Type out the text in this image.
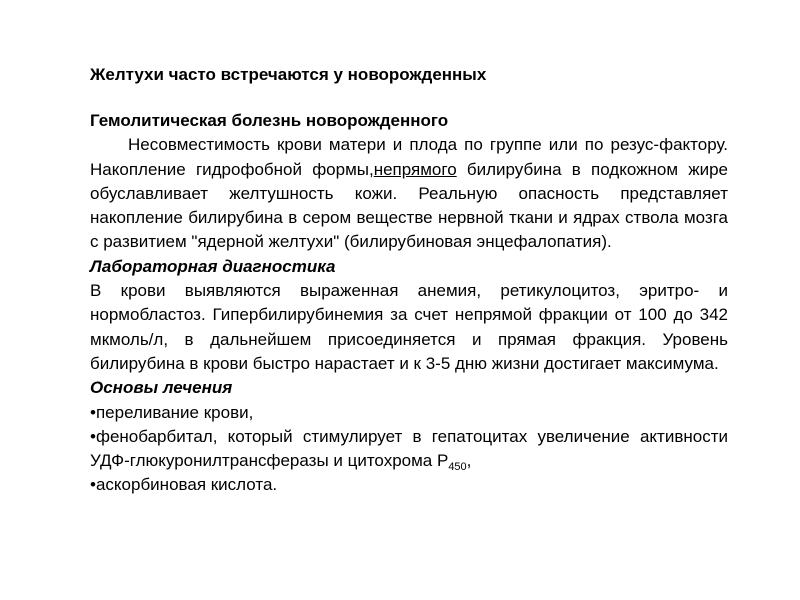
Желтухи часто встречаются у новорожденных

Гемолитическая болезнь новорожденного

Несовместимость крови матери и плода по группе или по резус-фактору. Накопление гидрофобной формы,непрямого билирубина в подкожном жире обуславливает желтушность кожи. Реальную опасность представляет накопление билирубина в сером веществе нервной ткани и ядрах ствола мозга с развитием "ядерной желтухи" (билирубиновая энцефалопатия).

Лабораторная диагностика

В крови выявляются выраженная анемия, ретикулоцитоз, эритро- и нормобластоз. Гипербилирубинемия за счет непрямой фракции от 100 до 342 мкмоль/л, в дальнейшем присоединяется и прямая фракция. Уровень билирубина в крови быстро нарастает и к 3-5 дню жизни достигает максимума.

Основы лечения

•переливание крови,

•фенобарбитал, который стимулирует в гепатоцитах увеличение активности УДФ-глюкуронилтрансферазы и цитохрома $Р_{450}$,

•аскорбиновая кислота.
